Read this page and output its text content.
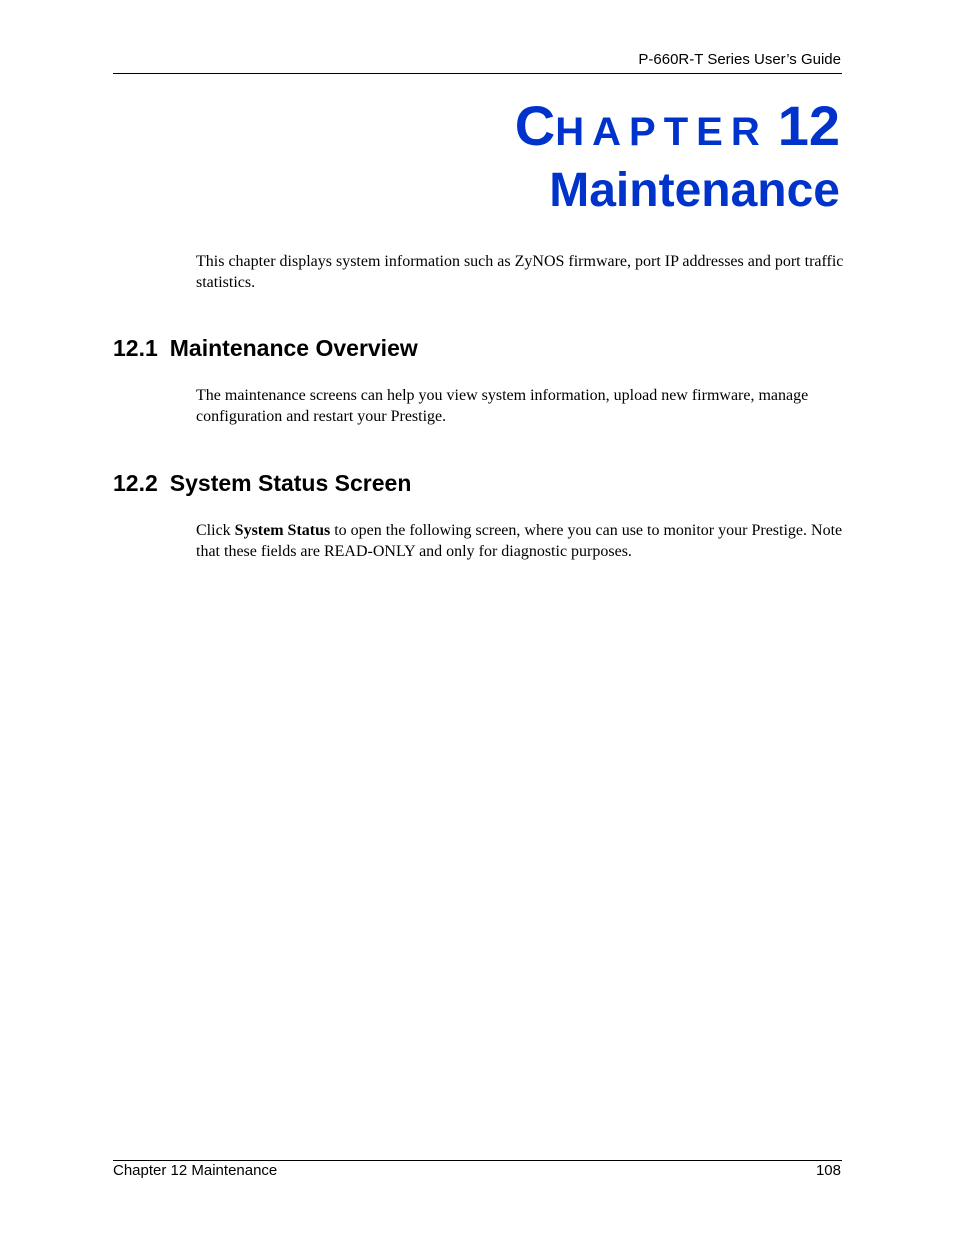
P-660R-T Series User’s Guide
CHAPTER 12
Maintenance
This chapter displays system information such as ZyNOS firmware, port IP addresses and port traffic statistics.
12.1 Maintenance Overview
The maintenance screens can help you view system information, upload new firmware, manage configuration and restart your Prestige.
12.2 System Status Screen
Click System Status to open the following screen, where you can use to monitor your Prestige. Note that these fields are READ-ONLY and only for diagnostic purposes.
Chapter 12 Maintenance	108
